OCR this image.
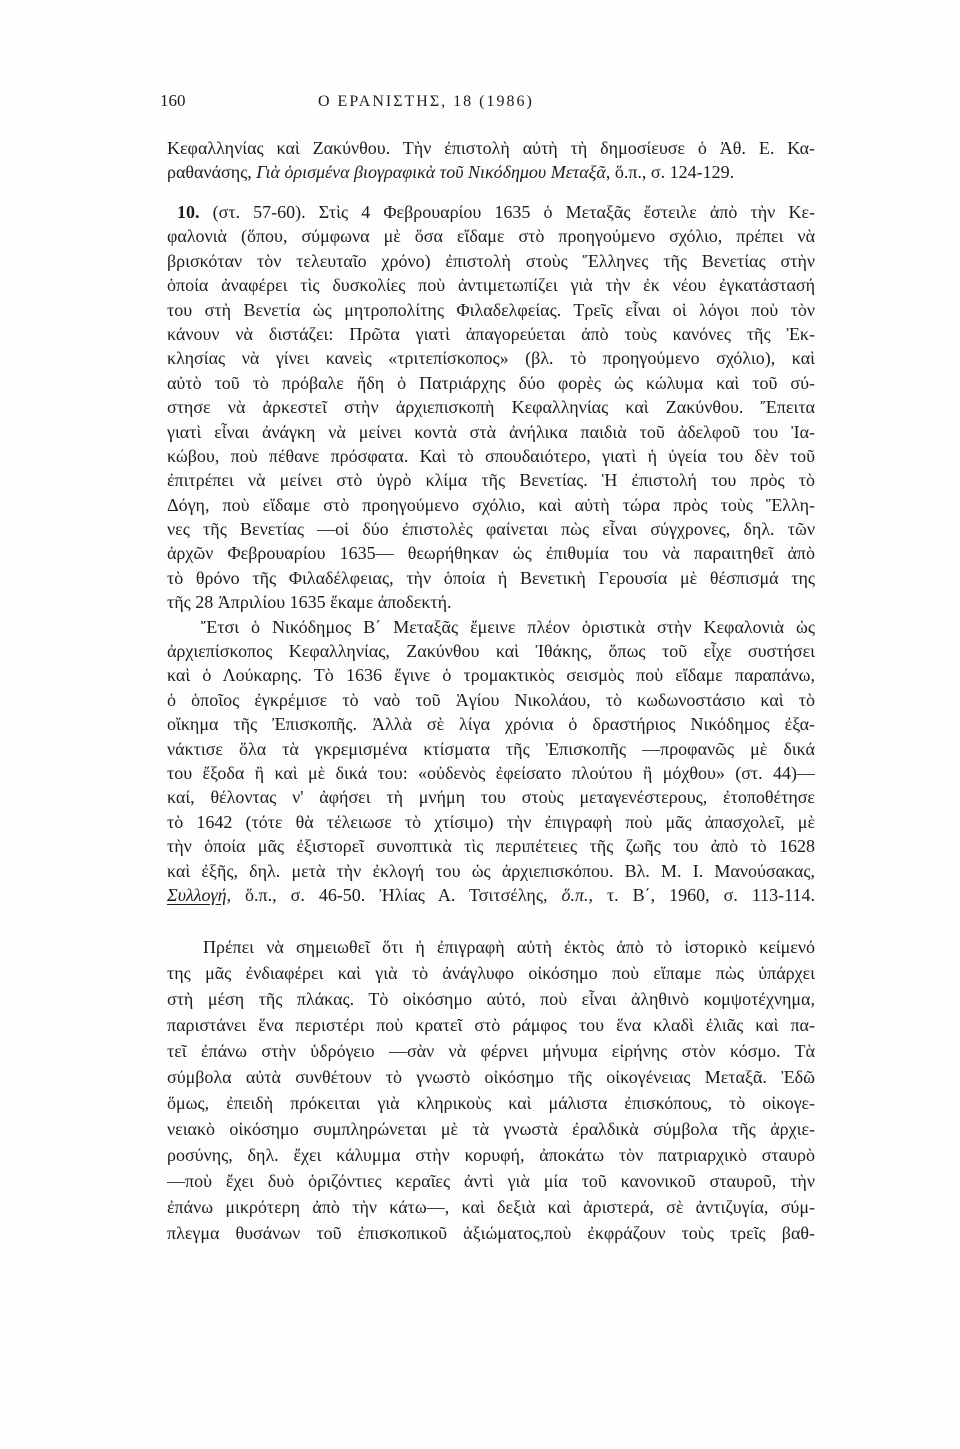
160	Ο ΕΡΑΝΙΣΤΗΣ, 18 (1986)
Κεφαλληνίας καὶ Ζακύνθου. Τὴν ἐπιστολὴ αὐτὴ τὴ δημοσίευσε ὁ Ἀθ. Ε. Κα-
ραθανάσης, Γιὰ ὁρισμένα βιογραφικὰ τοῦ Νικόδημου Μεταξᾶ, ὅ.π., σ. 124-129.
10. (στ. 57-60). Στὶς 4 Φεβρουαρίου 1635 ὁ Μεταξᾶς ἔστειλε ἀπὸ τὴν Κε-
φαλονιὰ (ὅπου, σύμφωνα μὲ ὅσα εἴδαμε στὸ προηγούμενο σχόλιο, πρέπει νὰ
βρισκόταν τὸν τελευταῖο χρόνο) ἐπιστολὴ στοὺς Ἕλληνες τῆς Βενετίας στὴν
ὁποία ἀναφέρει τὶς δυσκολίες ποὺ ἀντιμετωπίζει γιὰ τὴν ἐκ νέου ἐγκατάστασή
του στὴ Βενετία ὡς μητροπολίτης Φιλαδελφείας. Τρεῖς εἶναι οἱ λόγοι ποὺ τὸν
κάνουν νὰ διστάζει: Πρῶτα γιατὶ ἀπαγορεύεται ἀπὸ τοὺς κανόνες τῆς Ἐκ-
κλησίας νὰ γίνει κανεὶς «τριτεπίσκοπος» (βλ. τὸ προηγούμενο σχόλιο), καὶ
αὐτὸ τοῦ τὸ πρόβαλε ἤδη ὁ Πατριάρχης δύο φορὲς ὡς κώλυμα καὶ τοῦ σύ-
στησε νὰ ἀρκεστεῖ στὴν ἀρχιεπισκοπὴ Κεφαλληνίας καὶ Ζακύνθου. Ἔπειτα
γιατὶ εἶναι ἀνάγκη νὰ μείνει κοντὰ στὰ ἀνήλικα παιδιὰ τοῦ ἀδελφοῦ του Ἰα-
κώβου, ποὺ πέθανε πρόσφατα. Καὶ τὸ σπουδαιότερο, γιατὶ ἡ ὑγεία του δὲν τοῦ
ἐπιτρέπει νὰ μείνει στὸ ὑγρὸ κλίμα τῆς Βενετίας. Ἡ ἐπιστολή του πρὸς τὸ
Δόγη, ποὺ εἴδαμε στὸ προηγούμενο σχόλιο, καὶ αὐτὴ τώρα πρὸς τοὺς Ἕλλη-
νες τῆς Βενετίας —οἱ δύο ἐπιστολὲς φαίνεται πὼς εἶναι σύγχρονες, δηλ. τῶν
ἀρχῶν Φεβρουαρίου 1635— θεωρήθηκαν ὡς ἐπιθυμία του νὰ παραιτηθεῖ ἀπὸ
τὸ θρόνο τῆς Φιλαδέλφειας, τὴν ὁποία ἡ Βενετικὴ Γερουσία μὲ θέσπισμά της
τῆς 28 Ἀπριλίου 1635 ἔκαμε ἀποδεκτή.
Ἔτσι ὁ Νικόδημος Β΄ Μεταξᾶς ἔμεινε πλέον ὁριστικὰ στὴν Κεφαλονιὰ ὡς
ἀρχιεπίσκοπος Κεφαλληνίας, Ζακύνθου καὶ Ἰθάκης, ὅπως τοῦ εἶχε συστήσει
καὶ ὁ Λούκαρης. Τὸ 1636 ἔγινε ὁ τρομακτικὸς σεισμὸς ποὺ εἴδαμε παραπάνω,
ὁ ὁποῖος ἐγκρέμισε τὸ ναὸ τοῦ Ἁγίου Νικολάου, τὸ κωδωνοστάσιο καὶ τὸ
οἴκημα τῆς Ἐπισκοπῆς. Ἀλλὰ σὲ λίγα χρόνια ὁ δραστήριος Νικόδημος ἐξα-
νάκτισε ὅλα τὰ γκρεμισμένα κτίσματα τῆς Ἐπισκοπῆς —προφανῶς μὲ δικά
του ἔξοδα ἢ καὶ μὲ δικά του: «οὐδενὸς ἐφείσατο πλούτου ἢ μόχθου» (στ. 44)—
καί, θέλοντας ν' ἀφήσει τὴ μνήμη του στοὺς μεταγενέστερους, ἐτοποθέτησε
τὸ 1642 (τότε θὰ τέλειωσε τὸ χτίσιμο) τὴν ἐπιγραφὴ ποὺ μᾶς ἀπασχολεῖ, μὲ
τὴν ὁποία μᾶς ἐξιστορεῖ συνοπτικὰ τὶς περιπέτειες τῆς ζωῆς του ἀπὸ τὸ 1628
καὶ ἐξῆς, δηλ. μετὰ τὴν ἐκλογή του ὡς ἀρχιεπισκόπου. Βλ. Μ. Ι. Μανούσακας,
Συλλογή, ὅ.π., σ. 46-50. Ἠλίας Α. Τσιτσέλης, ὅ.π., τ. Β΄, 1960, σ. 113-114.
Πρέπει νὰ σημειωθεῖ ὅτι ἡ ἐπιγραφὴ αὐτὴ ἐκτὸς ἀπὸ τὸ ἱστορικὸ κείμενό
της μᾶς ἐνδιαφέρει καὶ γιὰ τὸ ἀνάγλυφο οἰκόσημο ποὺ εἴπαμε πὼς ὑπάρχει
στὴ μέση τῆς πλάκας. Τὸ οἰκόσημο αὐτό, ποὺ εἶναι ἀληθινὸ κομψοτέχνημα,
παριστάνει ἕνα περιστέρι ποὺ κρατεῖ στὸ ράμφος του ἕνα κλαδὶ ἐλιᾶς καὶ πα-
τεῖ ἐπάνω στὴν ὑδρόγειο —σὰν νὰ φέρνει μήνυμα εἰρήνης στὸν κόσμο. Τὰ
σύμβολα αὐτὰ συνθέτουν τὸ γνωστὸ οἰκόσημο τῆς οἰκογένειας Μεταξᾶ. Ἐδῶ
ὅμως, ἐπειδὴ πρόκειται γιὰ κληρικοὺς καὶ μάλιστα ἐπισκόπους, τὸ οἰκογε-
νειακὸ οἰκόσημο συμπληρώνεται μὲ τὰ γνωστὰ ἐραλδικὰ σύμβολα τῆς ἀρχιε-
ροσύνης, δηλ. ἔχει κάλυμμα στὴν κορυφή, ἀποκάτω τὸν πατριαρχικὸ σταυρὸ
—ποὺ ἔχει δυὸ ὁριζόντιες κεραῖες ἀντὶ γιὰ μία τοῦ κανονικοῦ σταυροῦ, τὴν
ἐπάνω μικρότερη ἀπὸ τὴν κάτω—, καὶ δεξιὰ καὶ ἀριστερά, σὲ ἀντιζυγία, σύμ-
πλεγμα θυσάνων τοῦ ἐπισκοπικοῦ ἀξιώματος,ποὺ ἐκφράζουν τοὺς τρεῖς βαθ-
